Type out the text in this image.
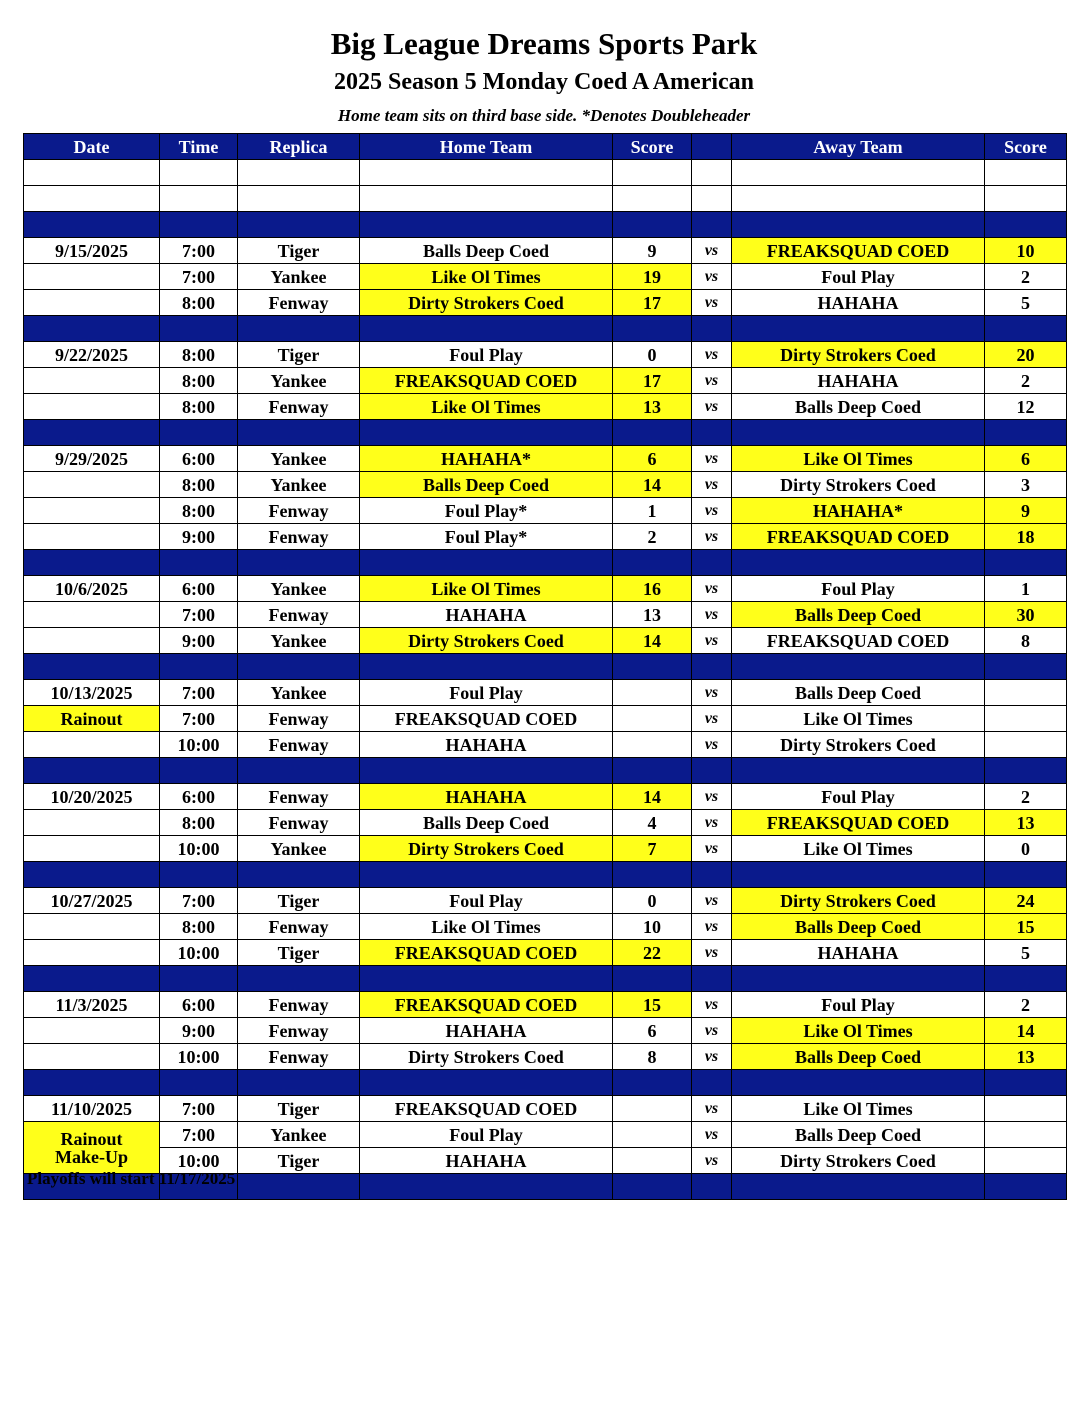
Big League Dreams Sports Park
2025 Season 5 Monday Coed A American
Home team sits on third base side. *Denotes Doubleheader
Date	Time	Replica	Home Team	Score		Away Team	Score

9/15/2025	7:00	Tiger	Balls Deep Coed	9	vs	FREAKSQUAD COED	10
	7:00	Yankee	Like Ol Times	19	vs	Foul Play	2
	8:00	Fenway	Dirty Strokers Coed	17	vs	HAHAHA	5

9/22/2025	8:00	Tiger	Foul Play	0	vs	Dirty Strokers Coed	20
	8:00	Yankee	FREAKSQUAD COED	17	vs	HAHAHA	2
	8:00	Fenway	Like Ol Times	13	vs	Balls Deep Coed	12

9/29/2025	6:00	Yankee	HAHAHA*	6	vs	Like Ol Times	6
	8:00	Yankee	Balls Deep Coed	14	vs	Dirty Strokers Coed	3
	8:00	Fenway	Foul Play*	1	vs	HAHAHA*	9
	9:00	Fenway	Foul Play*	2	vs	FREAKSQUAD COED	18

10/6/2025	6:00	Yankee	Like Ol Times	16	vs	Foul Play	1
	7:00	Fenway	HAHAHA	13	vs	Balls Deep Coed	30
	9:00	Yankee	Dirty Strokers Coed	14	vs	FREAKSQUAD COED	8

10/13/2025	7:00	Yankee	Foul Play		vs	Balls Deep Coed	
Rainout	7:00	Fenway	FREAKSQUAD COED		vs	Like Ol Times	
	10:00	Fenway	HAHAHA		vs	Dirty Strokers Coed	

10/20/2025	6:00	Fenway	HAHAHA	14	vs	Foul Play	2
	8:00	Fenway	Balls Deep Coed	4	vs	FREAKSQUAD COED	13
	10:00	Yankee	Dirty Strokers Coed	7	vs	Like Ol Times	0

10/27/2025	7:00	Tiger	Foul Play	0	vs	Dirty Strokers Coed	24
	8:00	Fenway	Like Ol Times	10	vs	Balls Deep Coed	15
	10:00	Tiger	FREAKSQUAD COED	22	vs	HAHAHA	5

11/3/2025	6:00	Fenway	FREAKSQUAD COED	15	vs	Foul Play	2
	9:00	Fenway	HAHAHA	6	vs	Like Ol Times	14
	10:00	Fenway	Dirty Strokers Coed	8	vs	Balls Deep Coed	13

11/10/2025	7:00	Tiger	FREAKSQUAD COED		vs	Like Ol Times	
Rainout
Make-Up	7:00	Yankee	Foul Play		vs	Balls Deep Coed	
	10:00	Tiger	HAHAHA		vs	Dirty Strokers Coed	

Playoffs will start 11/17/2025
